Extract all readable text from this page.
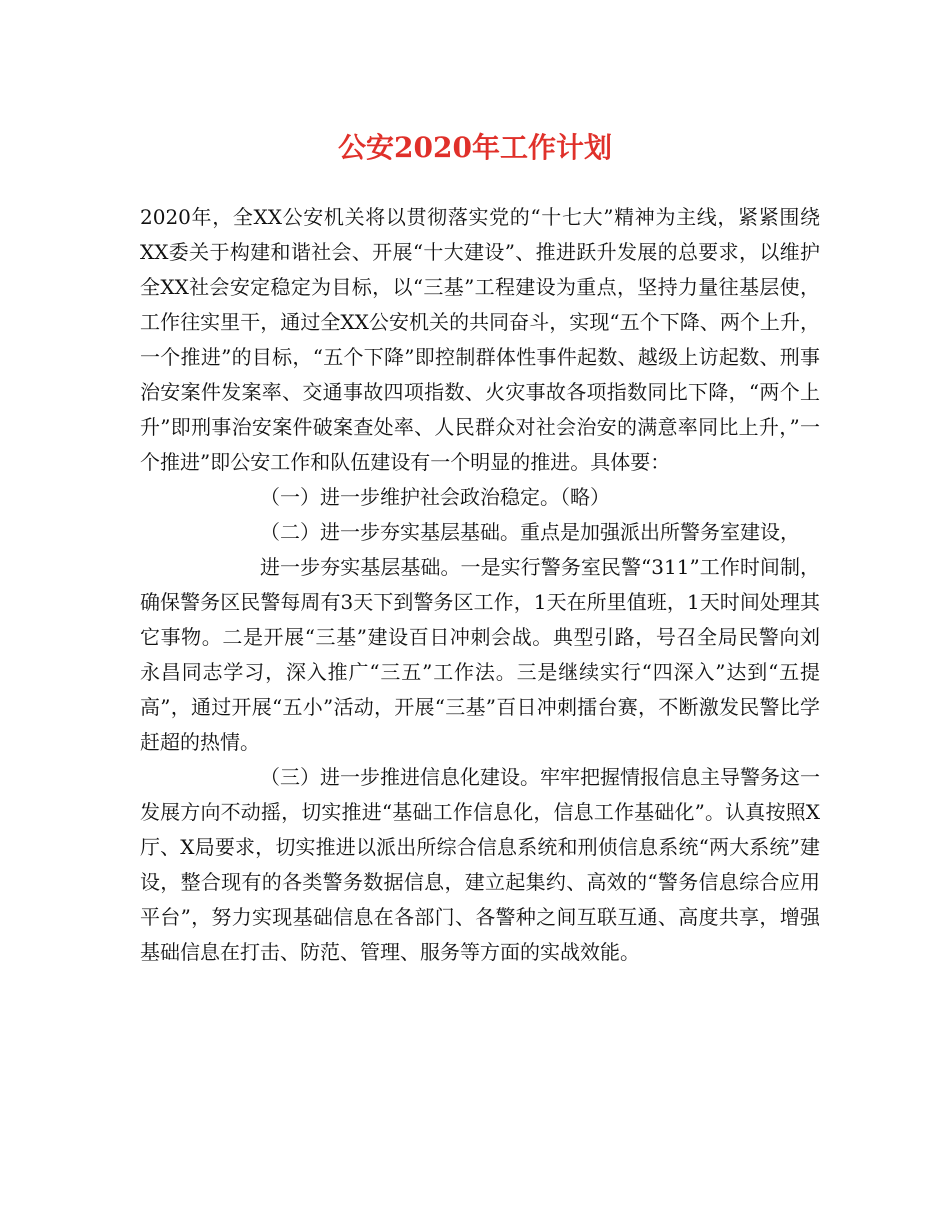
公安2020年工作计划

2020年，全XX公安机关将以贯彻落实党的“十七大”精神为主线，紧紧围绕XX委关于构建和谐社会、开展“十大建设”、推进跃升发展的总要求，以维护全XX社会安定稳定为目标，以“三基”工程建设为重点，坚持力量往基层使，工作往实里干，通过全XX公安机关的共同奋斗，实现“五个下降、两个上升，一个推进”的目标，“五个下降”即控制群体性事件起数、越级上访起数、刑事治安案件发案率、交通事故四项指数、火灾事故各项指数同比下降，“两个上升”即刑事治安案件破案查处率、人民群众对社会治安的满意率同比上升，”一个推进”即公安工作和队伍建设有一个明显的推进。具体要：

（一）进一步维护社会政治稳定。（略）

（二）进一步夯实基层基础。重点是加强派出所警务室建设，

进一步夯实基层基础。一是实行警务室民警“311”工作时间制，确保警务区民警每周有3天下到警务区工作，1天在所里值班，1天时间处理其它事物。二是开展“三基”建设百日冲刺会战。典型引路，号召全局民警向刘永昌同志学习，深入推广“三五”工作法。三是继续实行“四深入”达到“五提高”，通过开展“五小”活动，开展“三基”百日冲刺擂台赛，不断激发民警比学赶超的热情。

（三）进一步推进信息化建设。牢牢把握情报信息主导警务这一发展方向不动摇，切实推进“基础工作信息化，信息工作基础化”。认真按照X厅、X局要求，切实推进以派出所综合信息系统和刑侦信息系统“两大系统”建设，整合现有的各类警务数据信息，建立起集约、高效的“警务信息综合应用平台”，努力实现基础信息在各部门、各警种之间互联互通、高度共享，增强基础信息在打击、防范、管理、服务等方面的实战效能。
